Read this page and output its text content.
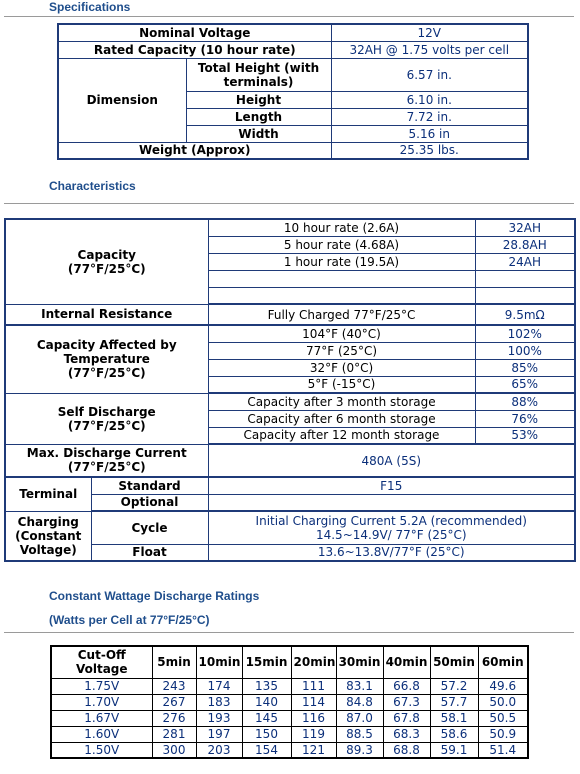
Specifications
Nominal Voltage		12V
Rated Capacity (10 hour rate)		32AH @ 1.75 volts per cell
Dimension	Total Height (with terminals)	6.57 in.
	Height	6.10 in.
	Length	7.72 in.
	Width	5.16 in
Weight (Approx)		25.35 lbs.
Characteristics
Capacity (77°F/25°C)		10 hour rate (2.6A)	32AH
		5 hour rate (4.68A)	28.8AH
		1 hour rate (19.5A)	24AH

Internal Resistance		Fully Charged 77°F/25°C	9.5mΩ
Capacity Affected by Temperature (77°F/25°C)		104°F (40°C)	102%
		77°F (25°C)	100%
		32°F (0°C)	85%
		5°F (-15°C)	65%
Self Discharge (77°F/25°C)		Capacity after 3 month storage	88%
		Capacity after 6 month storage	76%
		Capacity after 12 month storage	53%
Max. Discharge Current (77°F/25°C)		480A (5S)	
Terminal	Standard	F15	
	Optional		
Charging (Constant Voltage)	Cycle	Initial Charging Current 5.2A (recommended)
14.5~14.9V/ 77°F (25°C)	

	Float	13.6~13.8V/77°F (25°C)	
Constant Wattage Discharge Ratings
(Watts per Cell at 77°F/25°C)
Cut-Off Voltage	5min	10min	15min	20min	30min	40min	50min	60min
1.75V	243	174	135	111	83.1	66.8	57.2	49.6
1.70V	267	183	140	114	84.8	67.3	57.7	50.0
1.67V	276	193	145	116	87.0	67.8	58.1	50.5
1.60V	281	197	150	119	88.5	68.3	58.6	50.9
1.50V	300	203	154	121	89.3	68.8	59.1	51.4
